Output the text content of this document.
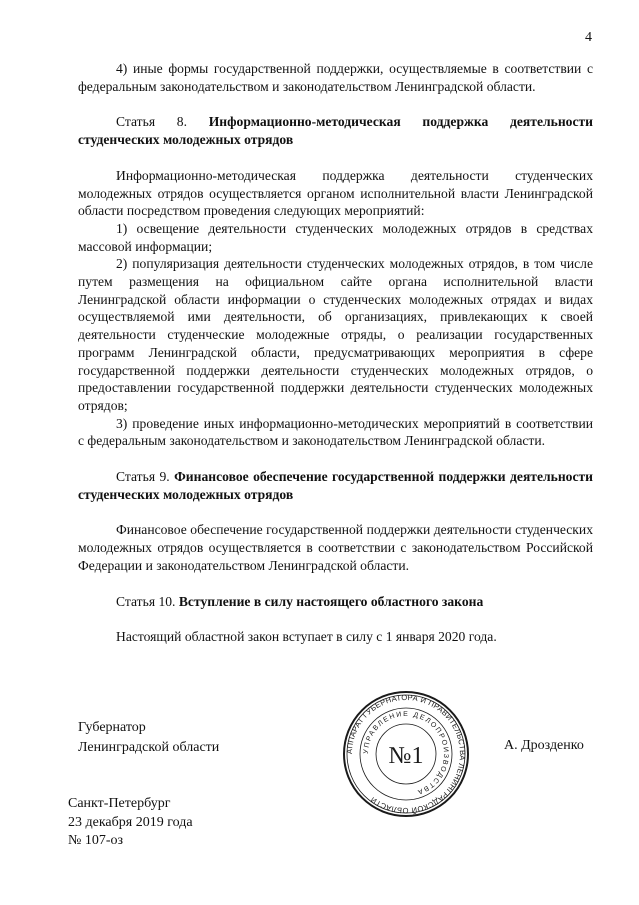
4

4) иные формы государственной поддержки, осуществляемые в соответствии с федеральным законодательством и законодательством Ленинградской области.

Статья 8. Информационно-методическая поддержка деятельности студенческих молодежных отрядов

Информационно-методическая поддержка деятельности студенческих молодежных отрядов осуществляется органом исполнительной власти Ленинградской области посредством проведения следующих мероприятий:

1) освещение деятельности студенческих молодежных отрядов в средствах массовой информации;

2) популяризация деятельности студенческих молодежных отрядов, в том числе путем размещения на официальном сайте органа исполнительной власти Ленинградской области информации о студенческих молодежных отрядах и видах осуществляемой ими деятельности, об организациях, привлекающих к своей деятельности студенческие молодежные отряды, о реализации государственных программ Ленинградской области, предусматривающих мероприятия в сфере государственной поддержки деятельности студенческих молодежных отрядов, о предоставлении государственной поддержки деятельности студенческих молодежных отрядов;

3) проведение иных информационно-методических мероприятий в соответствии с федеральным законодательством и законодательством Ленинградской области.

Статья 9. Финансовое обеспечение государственной поддержки деятельности студенческих молодежных отрядов

Финансовое обеспечение государственной поддержки деятельности студенческих молодежных отрядов осуществляется в соответствии с законодательством Российской Федерации и законодательством Ленинградской области.

Статья 10. Вступление в силу настоящего областного закона

Настоящий областной закон вступает в силу с 1 января 2020 года.

Губернатор
Ленинградской области	А. Дрозденко
АППАРАТ ГУБЕРНАТОРА И ПРАВИТЕЛЬСТВА ЛЕНИНГРАДСКОЙ ОБЛАСТИ
УПРАВЛЕНИЕ ДЕЛОПРОИЗВОДСТВА
№1
Санкт-Петербург
23 декабря 2019 года
№ 107-оз
